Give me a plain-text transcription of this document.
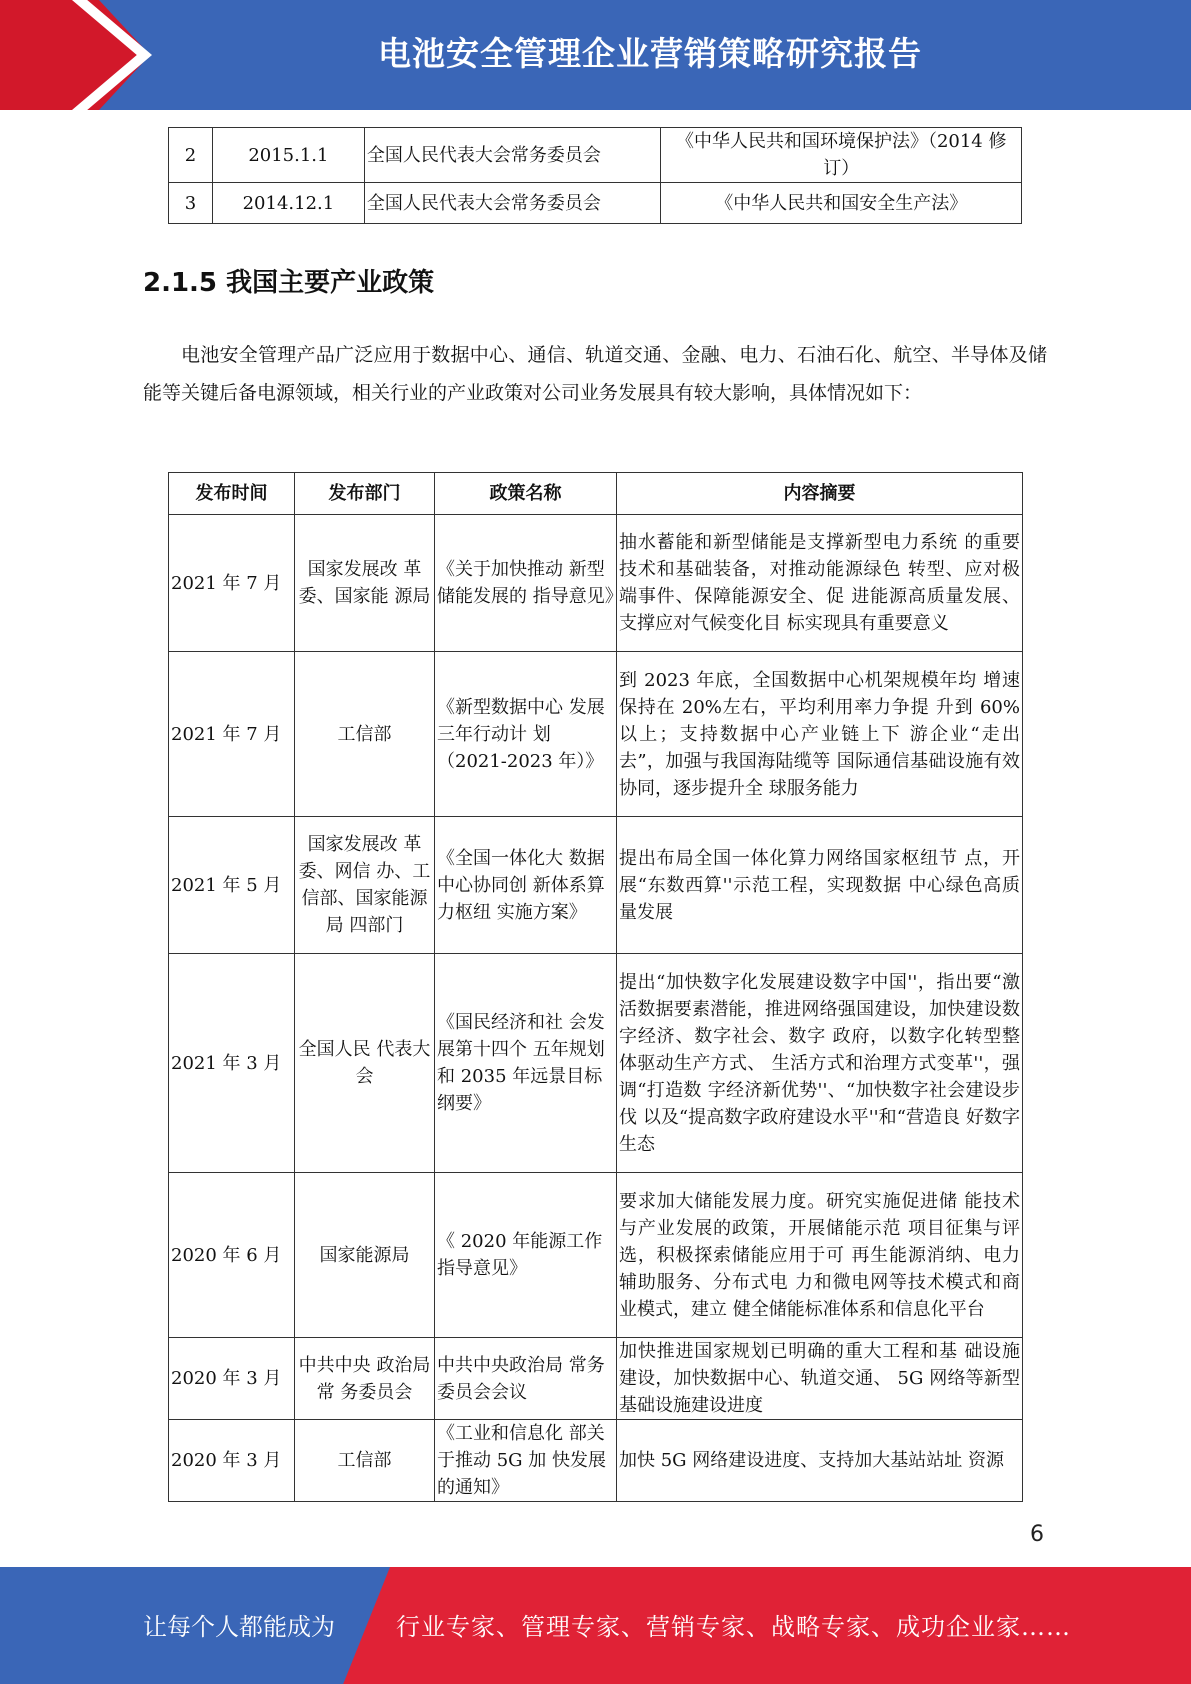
电池安全管理企业营销策略研究报告
2	2015.1.1	全国人民代表大会常务委员会	《中华人民共和国环境保护法》（2014 修订）
3	2014.12.1	全国人民代表大会常务委员会	《中华人民共和国安全生产法》
2.1.5 我国主要产业政策
电池安全管理产品广泛应用于数据中心、通信、轨道交通、金融、电力、石油石化、航空、半导体及储能等关键后备电源领域，相关行业的产业政策对公司业务发展具有较大影响，具体情况如下：
发布时间	发布部门	政策名称	内容摘要
2021 年 7 月	国家发展改 革委、国家能 源局	《关于加快推动 新型储能发展的 指导意见》	抽水蓄能和新型储能是支撑新型电力系统 的重要技术和基础装备，对推动能源绿色 转型、应对极端事件、保障能源安全、促 进能源高质量发展、支撑应对气候变化目 标实现具有重要意义
2021 年 7 月	工信部	《新型数据中心 发展三年行动计 划（2021-2023 年）》	到 2023 年底，全国数据中心机架规模年均 增速保持在 20%左右，平均利用率力争提 升到 60%以上；支持数据中心产业链上下 游企业“走出去”，加强与我国海陆缆等 国际通信基础设施有效协同，逐步提升全 球服务能力
2021 年 5 月	国家发展改 革委、网信 办、工信部、国家能源局 四部门	《全国一体化大 数据中心协同创 新体系算力枢纽 实施方案》	提出布局全国一体化算力网络国家枢纽节 点，开展“东数西算''示范工程，实现数据 中心绿色高质量发展
2021 年 3 月	全国人民 代表大会	《国民经济和社 会发展第十四个 五年规划和 2035 年远景目标纲要》	提出“加快数字化发展建设数字中国''，指出要“激活数据要素潜能，推进网络强国建设，加快建设数字经济、数字社会、数字 政府，以数字化转型整体驱动生产方式、 生活方式和治理方式变革''，强调“打造数 字经济新优势''、“加快数字社会建设步伐 以及“提高数字政府建设水平''和“营造良 好数字生态
2020 年 6 月	国家能源局	《 2020 年能源工作指导意见》	要求加大储能发展力度。研究实施促进储 能技术与产业发展的政策，开展储能示范 项目征集与评选，积极探索储能应用于可 再生能源消纳、电力辅助服务、分布式电 力和微电网等技术模式和商业模式，建立 健全储能标准体系和信息化平台
2020 年 3 月	中共中央 政治局常 务委员会	中共中央政治局 常务委员会会议	加快推进国家规划已明确的重大工程和基 础设施建设，加快数据中心、轨道交通、 5G 网络等新型基础设施建设进度
2020 年 3 月	工信部	《工业和信息化 部关于推动 5G 加 快发展的通知》	加快 5G 网络建设进度、支持加大基站站址 资源
6
让每个人都能成为	行业专家、管理专家、营销专家、战略专家、成功企业家……
